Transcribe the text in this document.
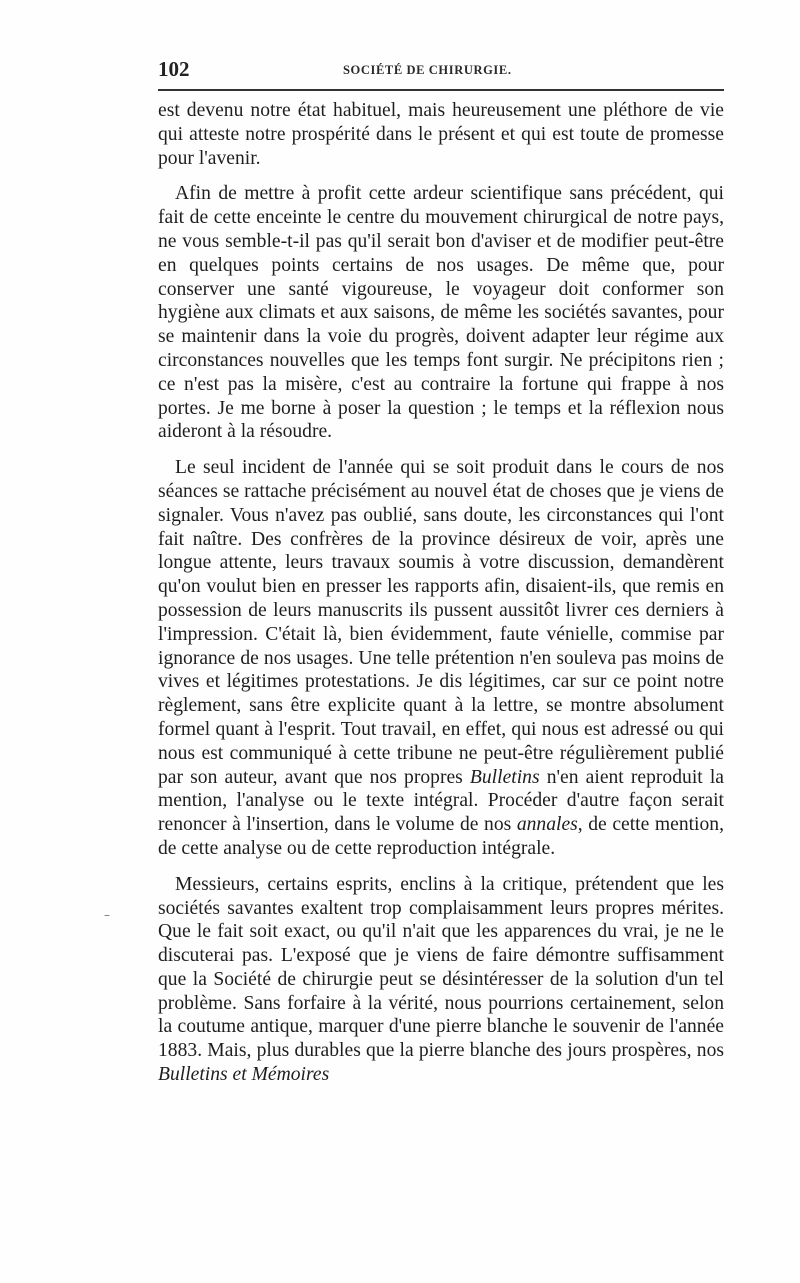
102	SOCIÉTÉ DE CHIRURGIE.

est devenu notre état habituel, mais heureusement une pléthore de vie qui atteste notre prospérité dans le présent et qui est toute de promesse pour l'avenir.

Afin de mettre à profit cette ardeur scientifique sans précédent, qui fait de cette enceinte le centre du mouvement chirurgical de notre pays, ne vous semble-t-il pas qu'il serait bon d'aviser et de modifier peut-être en quelques points certains de nos usages. De même que, pour conserver une santé vigoureuse, le voyageur doit conformer son hygiène aux climats et aux saisons, de même les sociétés savantes, pour se maintenir dans la voie du progrès, doivent adapter leur régime aux circonstances nouvelles que les temps font surgir. Ne précipitons rien ; ce n'est pas la misère, c'est au contraire la fortune qui frappe à nos portes. Je me borne à poser la question ; le temps et la réflexion nous aideront à la résoudre.

Le seul incident de l'année qui se soit produit dans le cours de nos séances se rattache précisément au nouvel état de choses que je viens de signaler. Vous n'avez pas oublié, sans doute, les circonstances qui l'ont fait naître. Des confrères de la province désireux de voir, après une longue attente, leurs travaux soumis à votre discussion, demandèrent qu'on voulut bien en presser les rapports afin, disaient-ils, que remis en possession de leurs manuscrits ils pussent aussitôt livrer ces derniers à l'impression. C'était là, bien évidemment, faute vénielle, commise par ignorance de nos usages. Une telle prétention n'en souleva pas moins de vives et légitimes protestations. Je dis légitimes, car sur ce point notre règlement, sans être explicite quant à la lettre, se montre absolument formel quant à l'esprit. Tout travail, en effet, qui nous est adressé ou qui nous est communiqué à cette tribune ne peut-être régulièrement publié par son auteur, avant que nos propres Bulletins n'en aient reproduit la mention, l'analyse ou le texte intégral. Procéder d'autre façon serait renoncer à l'insertion, dans le volume de nos annales, de cette mention, de cette analyse ou de cette reproduction intégrale.

Messieurs, certains esprits, enclins à la critique, prétendent que les sociétés savantes exaltent trop complaisamment leurs propres mérites. Que le fait soit exact, ou qu'il n'ait que les apparences du vrai, je ne le discuterai pas. L'exposé que je viens de faire démontre suffisamment que la Société de chirurgie peut se désintéresser de la solution d'un tel problème. Sans forfaire à la vérité, nous pourrions certainement, selon la coutume antique, marquer d'une pierre blanche le souvenir de l'année 1883. Mais, plus durables que la pierre blanche des jours prospères, nos Bulletins et Mémoires

–
